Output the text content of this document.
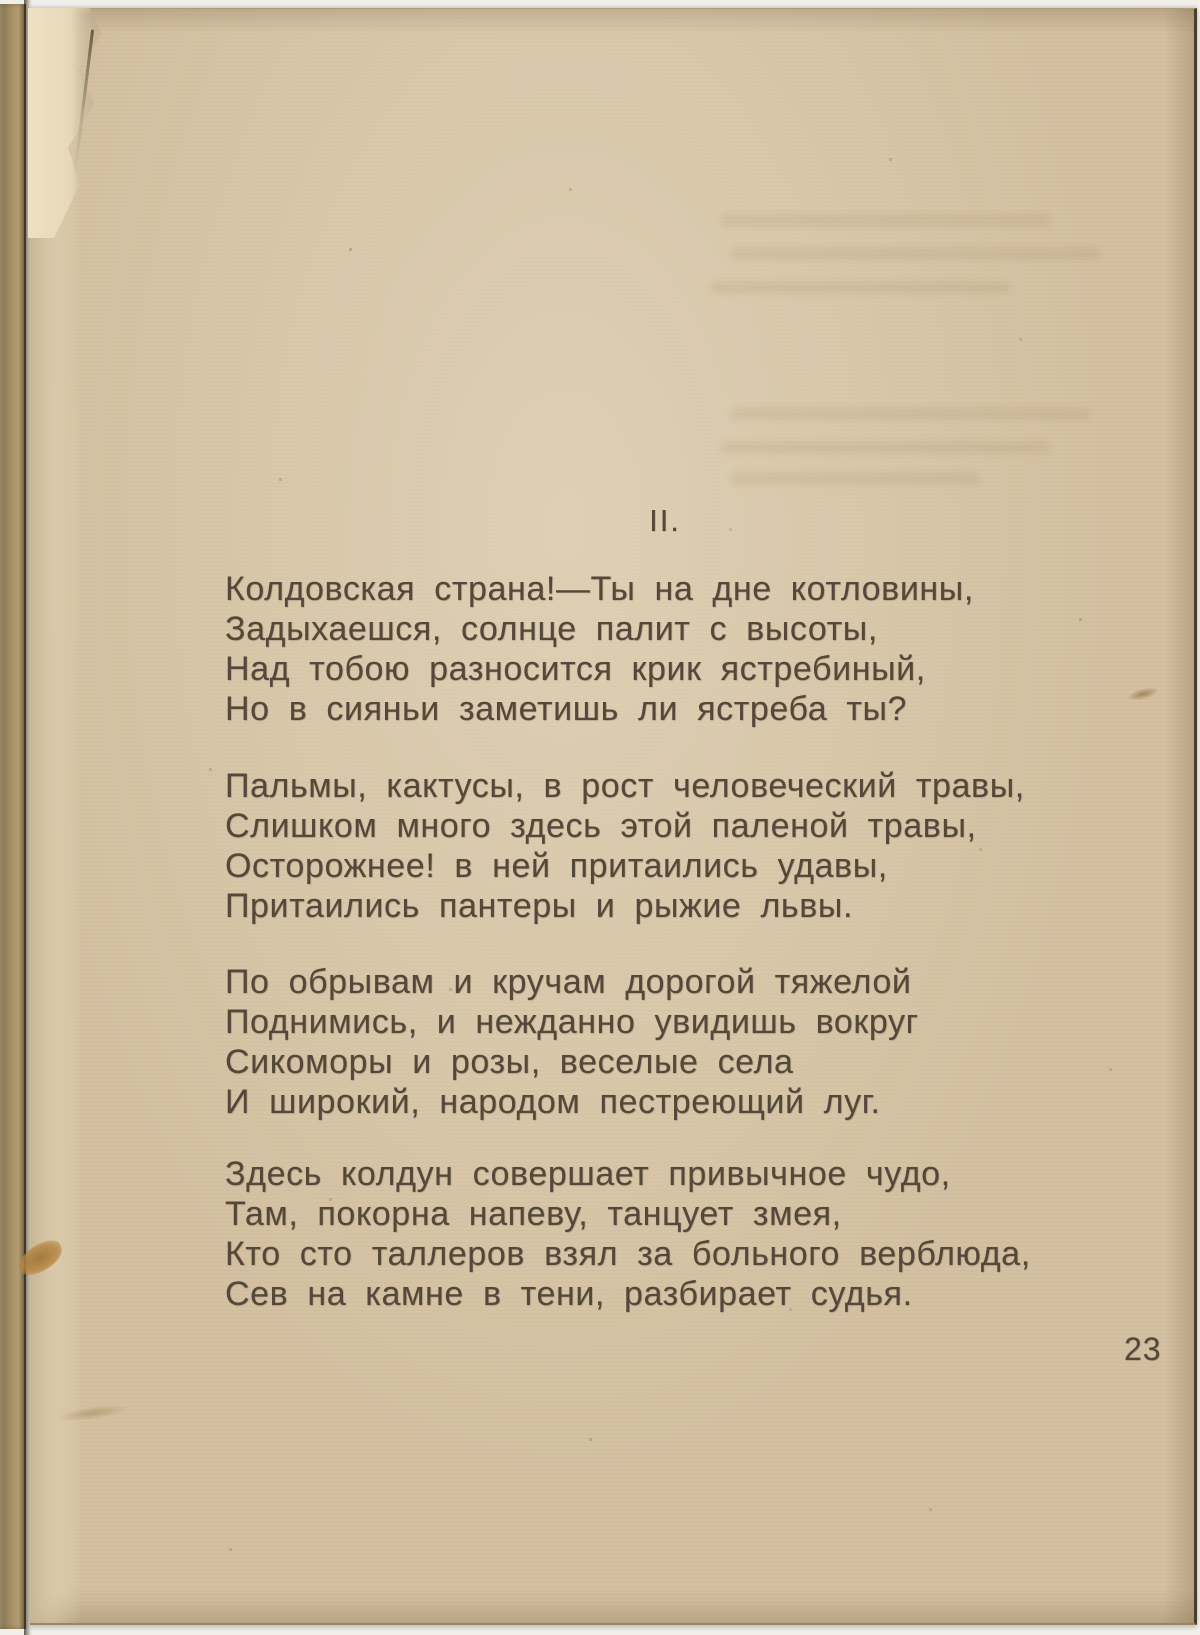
II.
Колдовская страна!—Ты на дне котловины,
Задыхаешся, солнце палит с высоты,
Над тобою разносится крик ястребиный,
Но в сияньи заметишь ли ястреба ты?
Пальмы, кактусы, в рост человеческий травы,
Слишком много здесь этой паленой травы,
Осторожнее! в ней притаились удавы,
Притаились пантеры и рыжие львы.
По обрывам и кручам дорогой тяжелой
Поднимись, и нежданно увидишь вокруг
Сикоморы и розы, веселые села
И широкий, народом пестреющий луг.
Здесь колдун совершает привычное чудо,
Там, покорна напеву, танцует змея,
Кто сто таллеров взял за больного верблюда,
Сев на камне в тени, разбирает судья.
23
